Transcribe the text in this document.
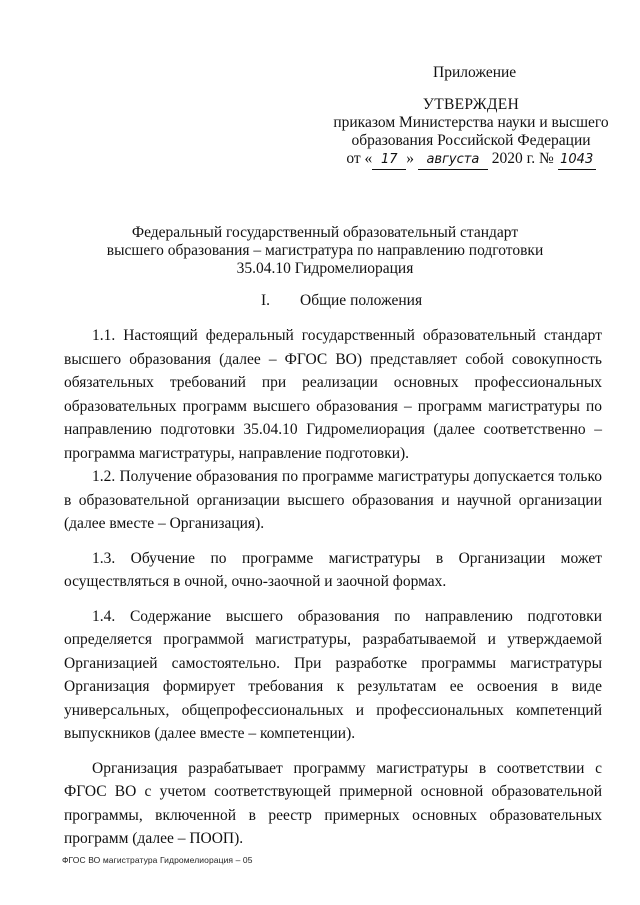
Приложение
УТВЕРЖДЕН
приказом Министерства науки и высшего
образования Российской Федерации
от « 17 » августа 2020 г. № 1043
Федеральный государственный образовательный стандарт
высшего образования – магистратура по направлению подготовки
35.04.10 Гидромелиорация
I. Общие положения

1.1. Настоящий федеральный государственный образовательный стандарт высшего образования (далее – ФГОС ВО) представляет собой совокупность обязательных требований при реализации основных профессиональных образовательных программ высшего образования – программ магистратуры по направлению подготовки 35.04.10 Гидромелиорация (далее соответственно – программа магистратуры, направление подготовки).

1.2. Получение образования по программе магистратуры допускается только в образовательной организации высшего образования и научной организации (далее вместе – Организация).

1.3. Обучение по программе магистратуры в Организации может осуществляться в очной, очно-заочной и заочной формах.

1.4. Содержание высшего образования по направлению подготовки определяется программой магистратуры, разрабатываемой и утверждаемой Организацией самостоятельно. При разработке программы магистратуры Организация формирует требования к результатам ее освоения в виде универсальных, общепрофессиональных и профессиональных компетенций выпускников (далее вместе – компетенции).

Организация разрабатывает программу магистратуры в соответствии с ФГОС ВО с учетом соответствующей примерной основной образовательной программы, включенной в реестр примерных основных образовательных программ (далее – ПООП).

ФГОС ВО магистратура Гидромелиорация – 05
